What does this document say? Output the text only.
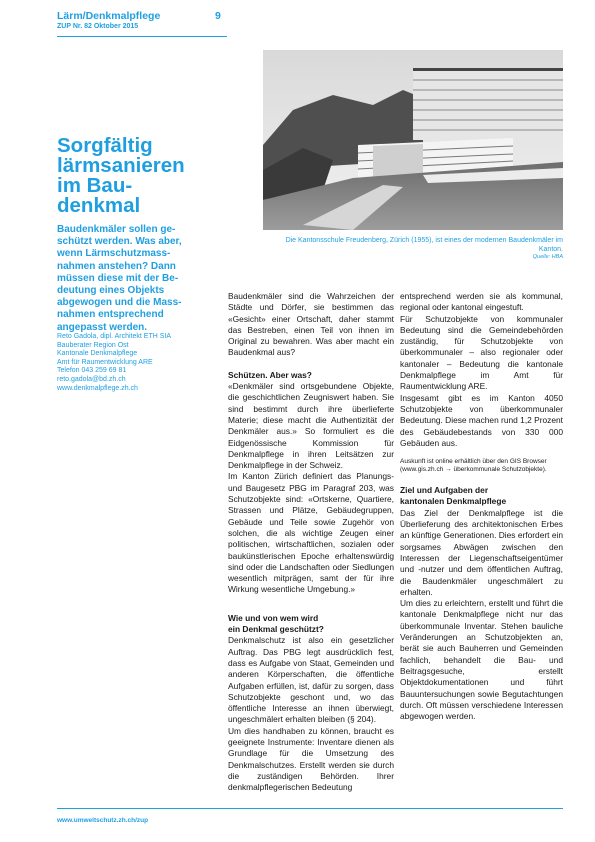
Lärm/Denkmalpflege	9
ZUP Nr. 82 Oktober 2015
Sorgfältig
lärmsanieren
im Bau-
denkmal
Baudenkmäler sollen ge-
schützt werden. Was aber,
wenn Lärmschutzmass-
nahmen anstehen? Dann
müssen diese mit der Be-
deutung eines Objekts
abgewogen und die Mass-
nahmen entsprechend
angepasst werden.
Reto Gadola, dipl. Architekt ETH SIA
Bauberater Region Ost
Kantonale Denkmalpflege
Amt für Raumentwicklung ARE
Telefon 043 259 69 81
reto.gadola@bd.zh.ch
www.denkmalpflege.zh.ch
Die Kantonsschule Freudenberg, Zürich (1955), ist eines der modernen Baudenkmäler im Kanton.
Quelle: HBA

Baudenkmäler sind die Wahrzeichen der Städte und Dörfer, sie bestimmen das «Gesicht» einer Ortschaft, daher stammt das Bestreben, einen Teil von ihnen im Original zu bewahren. Was aber macht ein Baudenkmal aus?

Schützen. Aber was?

«Denkmäler sind ortsgebundene Objekte, die geschichtlichen Zeugniswert haben. Sie sind bestimmt durch ihre überlieferte Materie; diese macht die Authentizität der Denkmäler aus.» So formuliert es die Eidgenössische Kommission für Denkmalpflege in ihren Leitsätzen zur Denkmalpflege in der Schweiz.

Im Kanton Zürich definiert das Planungs- und Baugesetz PBG im Paragraf 203, was Schutzobjekte sind: «Ortskerne, Quartiere, Strassen und Plätze, Gebäudegruppen, Gebäude und Teile sowie Zugehör von solchen, die als wichtige Zeugen einer politischen, wirtschaftlichen, sozialen oder baukünstlerischen Epoche erhaltenswürdig sind oder die Landschaften oder Siedlungen wesentlich mitprägen, samt der für ihre Wirkung wesentliche Umgebung.»

Wie und von wem wird
ein Denkmal geschützt?

Denkmalschutz ist also ein gesetzlicher Auftrag. Das PBG legt ausdrücklich fest, dass es Aufgabe von Staat, Gemeinden und anderen Körperschaften, die öffentliche Aufgaben erfüllen, ist, dafür zu sorgen, dass Schutzobjekte geschont und, wo das öffentliche Interesse an ihnen überwiegt, ungeschmälert erhalten bleiben (§ 204).

Um dies handhaben zu können, braucht es geeignete Instrumente: Inventare dienen als Grundlage für die Umsetzung des Denkmalschutzes. Erstellt werden sie durch die zuständigen Behörden. Ihrer denkmalpflegerischen Bedeutung

entsprechend werden sie als kommunal, regional oder kantonal eingestuft.

Für Schutzobjekte von kommunaler Bedeutung sind die Gemeindebehörden zuständig, für Schutzobjekte von überkommunaler – also regionaler oder kantonaler – Bedeutung die kantonale Denkmalpflege im Amt für Raumentwicklung ARE.

Insgesamt gibt es im Kanton 4050 Schutzobjekte von überkommunaler Bedeutung. Diese machen rund 1,2 Prozent des Gebäudebestands von 330 000 Gebäuden aus.

Auskunft ist online erhältlich über den GIS Browser (www.gis.zh.ch → überkommunale Schutzobjekte).

Ziel und Aufgaben der
kantonalen Denkmalpflege

Das Ziel der Denkmalpflege ist die Überlieferung des architektonischen Erbes an künftige Generationen. Dies erfordert ein sorgsames Abwägen zwischen den Interessen der Liegenschaftseigentümer und -nutzer und dem öffentlichen Auftrag, die Baudenkmäler ungeschmälert zu erhalten.

Um dies zu erleichtern, erstellt und führt die kantonale Denkmalpflege nicht nur das überkommunale Inventar. Stehen bauliche Veränderungen an Schutzobjekten an, berät sie auch Bauherren und Gemeinden fachlich, behandelt die Bau- und Beitragsgesuche, erstellt Objektdokumentationen und führt Bauuntersuchungen sowie Begutachtungen durch. Oft müssen verschiedene Interessen abgewogen werden.

www.umweltschutz.zh.ch/zup
